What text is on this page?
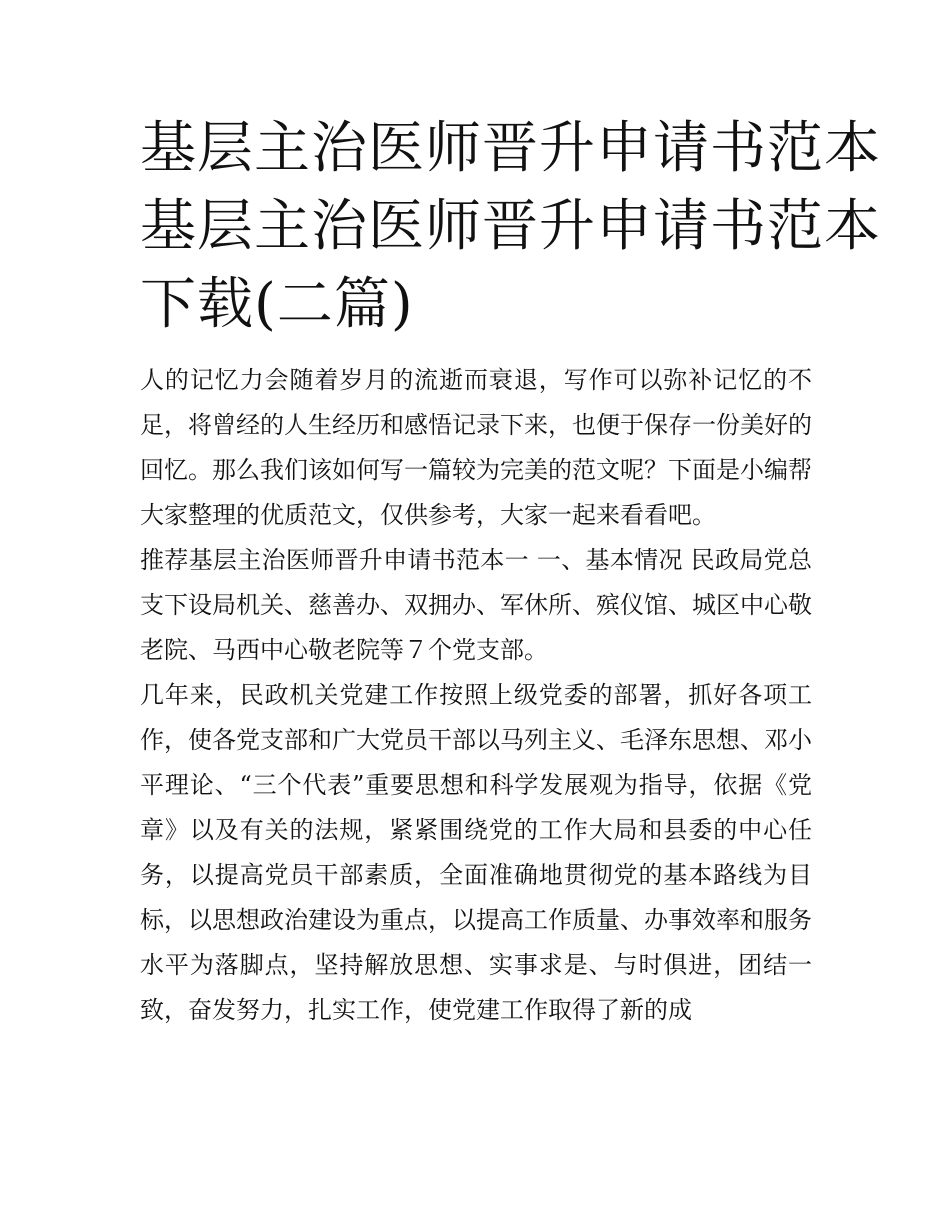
基层主治医师晋升申请书范本
基层主治医师晋升申请书范本
下载(二篇)

人的记忆力会随着岁月的流逝而衰退，写作可以弥补记忆的不足，将曾经的人生经历和感悟记录下来，也便于保存一份美好的回忆。那么我们该如何写一篇较为完美的范文呢？下面是小编帮大家整理的优质范文，仅供参考，大家一起来看看吧。

推荐基层主治医师晋升申请书范本一 一、基本情况 民政局党总支下设局机关、慈善办、双拥办、军休所、殡仪馆、城区中心敬老院、马西中心敬老院等７个党支部。

几年来，民政机关党建工作按照上级党委的部署，抓好各项工作，使各党支部和广大党员干部以马列主义、毛泽东思想、邓小平理论、“三个代表”重要思想和科学发展观为指导，依据《党章》以及有关的法规，紧紧围绕党的工作大局和县委的中心任务，以提高党员干部素质，全面准确地贯彻党的基本路线为目标，以思想政治建设为重点，以提高工作质量、办事效率和服务水平为落脚点，坚持解放思想、实事求是、与时俱进，团结一致，奋发努力，扎实工作，使党建工作取得了新的成
